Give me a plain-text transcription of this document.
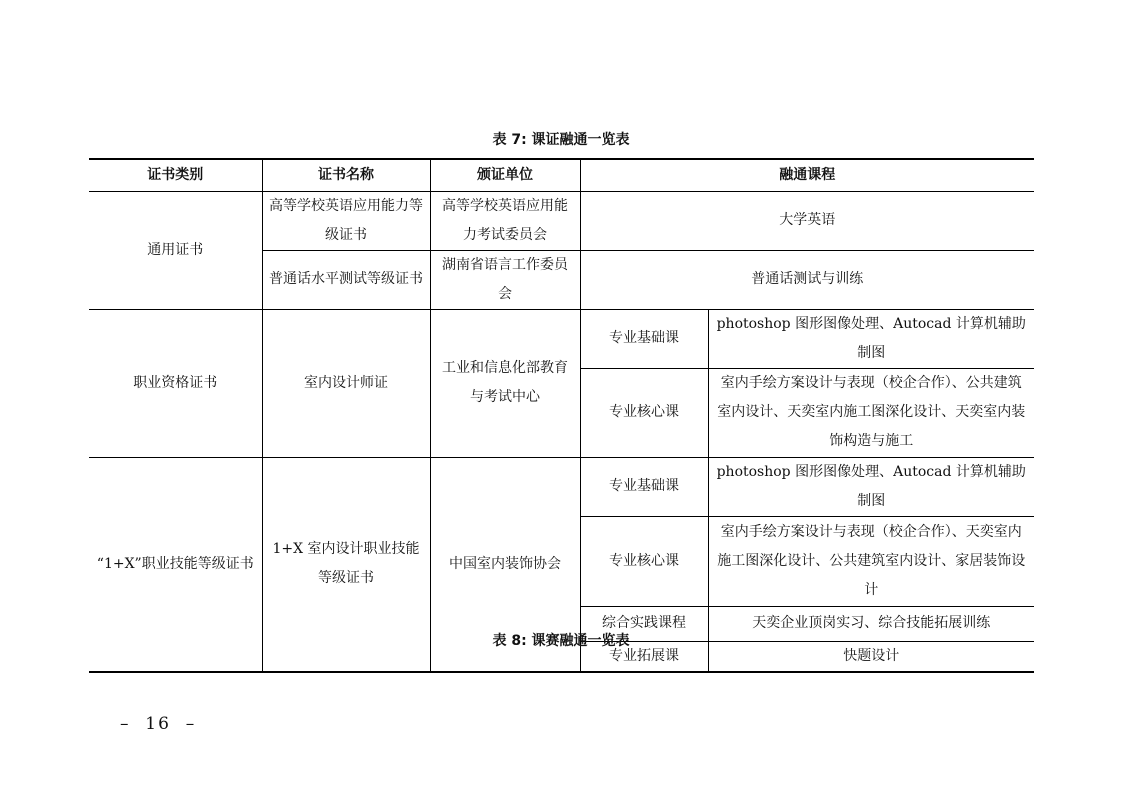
表 7: 课证融通一览表
证书类别	证书名称	颁证单位	融通课程	
通用证书	高等学校英语应用能力等级证书	高等学校英语应用能力考试委员会	大学英语	
	普通话水平测试等级证书	湖南省语言工作委员会	普通话测试与训练	
职业资格证书	室内设计师证	工业和信息化部教育与考试中心	专业基础课	photoshop 图形图像处理、Autocad 计算机辅助制图
			专业核心课	室内手绘方案设计与表现（校企合作）、公共建筑室内设计、天奕室内施工图深化设计、天奕室内装饰构造与施工
“1+X”职业技能等级证书	1+X 室内设计职业技能等级证书	中国室内装饰协会	专业基础课	photoshop 图形图像处理、Autocad 计算机辅助制图
			专业核心课	室内手绘方案设计与表现（校企合作）、天奕室内施工图深化设计、公共建筑室内设计、家居装饰设计
			综合实践课程	天奕企业顶岗实习、综合技能拓展训练
			专业拓展课	快题设计
表 8: 课赛融通一览表
–  16  –
